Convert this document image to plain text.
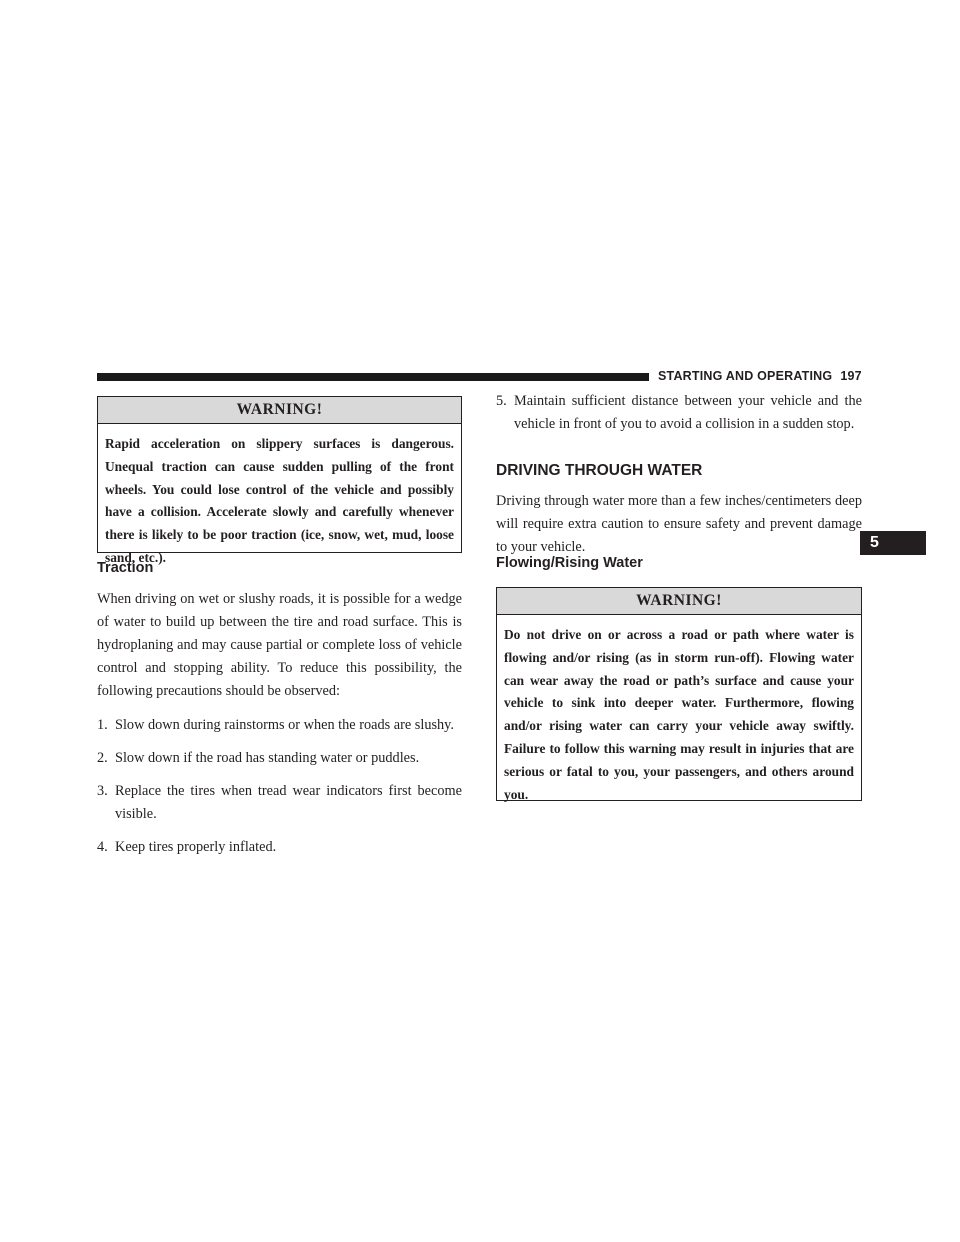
STARTING AND OPERATING 197
5
WARNING!
Rapid acceleration on slippery surfaces is dangerous. Unequal traction can cause sudden pulling of the front wheels. You could lose control of the vehicle and possibly have a collision. Accelerate slowly and carefully whenever there is likely to be poor traction (ice, snow, wet, mud, loose sand, etc.).
Traction

When driving on wet or slushy roads, it is possible for a wedge of water to build up between the tire and road surface. This is hydroplaning and may cause partial or complete loss of vehicle control and stopping ability. To reduce this possibility, the following precautions should be observed:

1. Slow down during rainstorms or when the roads are slushy.

2. Slow down if the road has standing water or puddles.

3. Replace the tires when tread wear indicators first become visible.

4. Keep tires properly inflated.

5. Maintain sufficient distance between your vehicle and the vehicle in front of you to avoid a collision in a sudden stop.

DRIVING THROUGH WATER

Driving through water more than a few inches/centimeters deep will require extra caution to ensure safety and prevent damage to your vehicle.

Flowing/Rising Water
WARNING!
Do not drive on or across a road or path where water is flowing and/or rising (as in storm run-off). Flowing water can wear away the road or path’s surface and cause your vehicle to sink into deeper water. Furthermore, flowing and/or rising water can carry your vehicle away swiftly. Failure to follow this warning may result in injuries that are serious or fatal to you, your passengers, and others around you.
